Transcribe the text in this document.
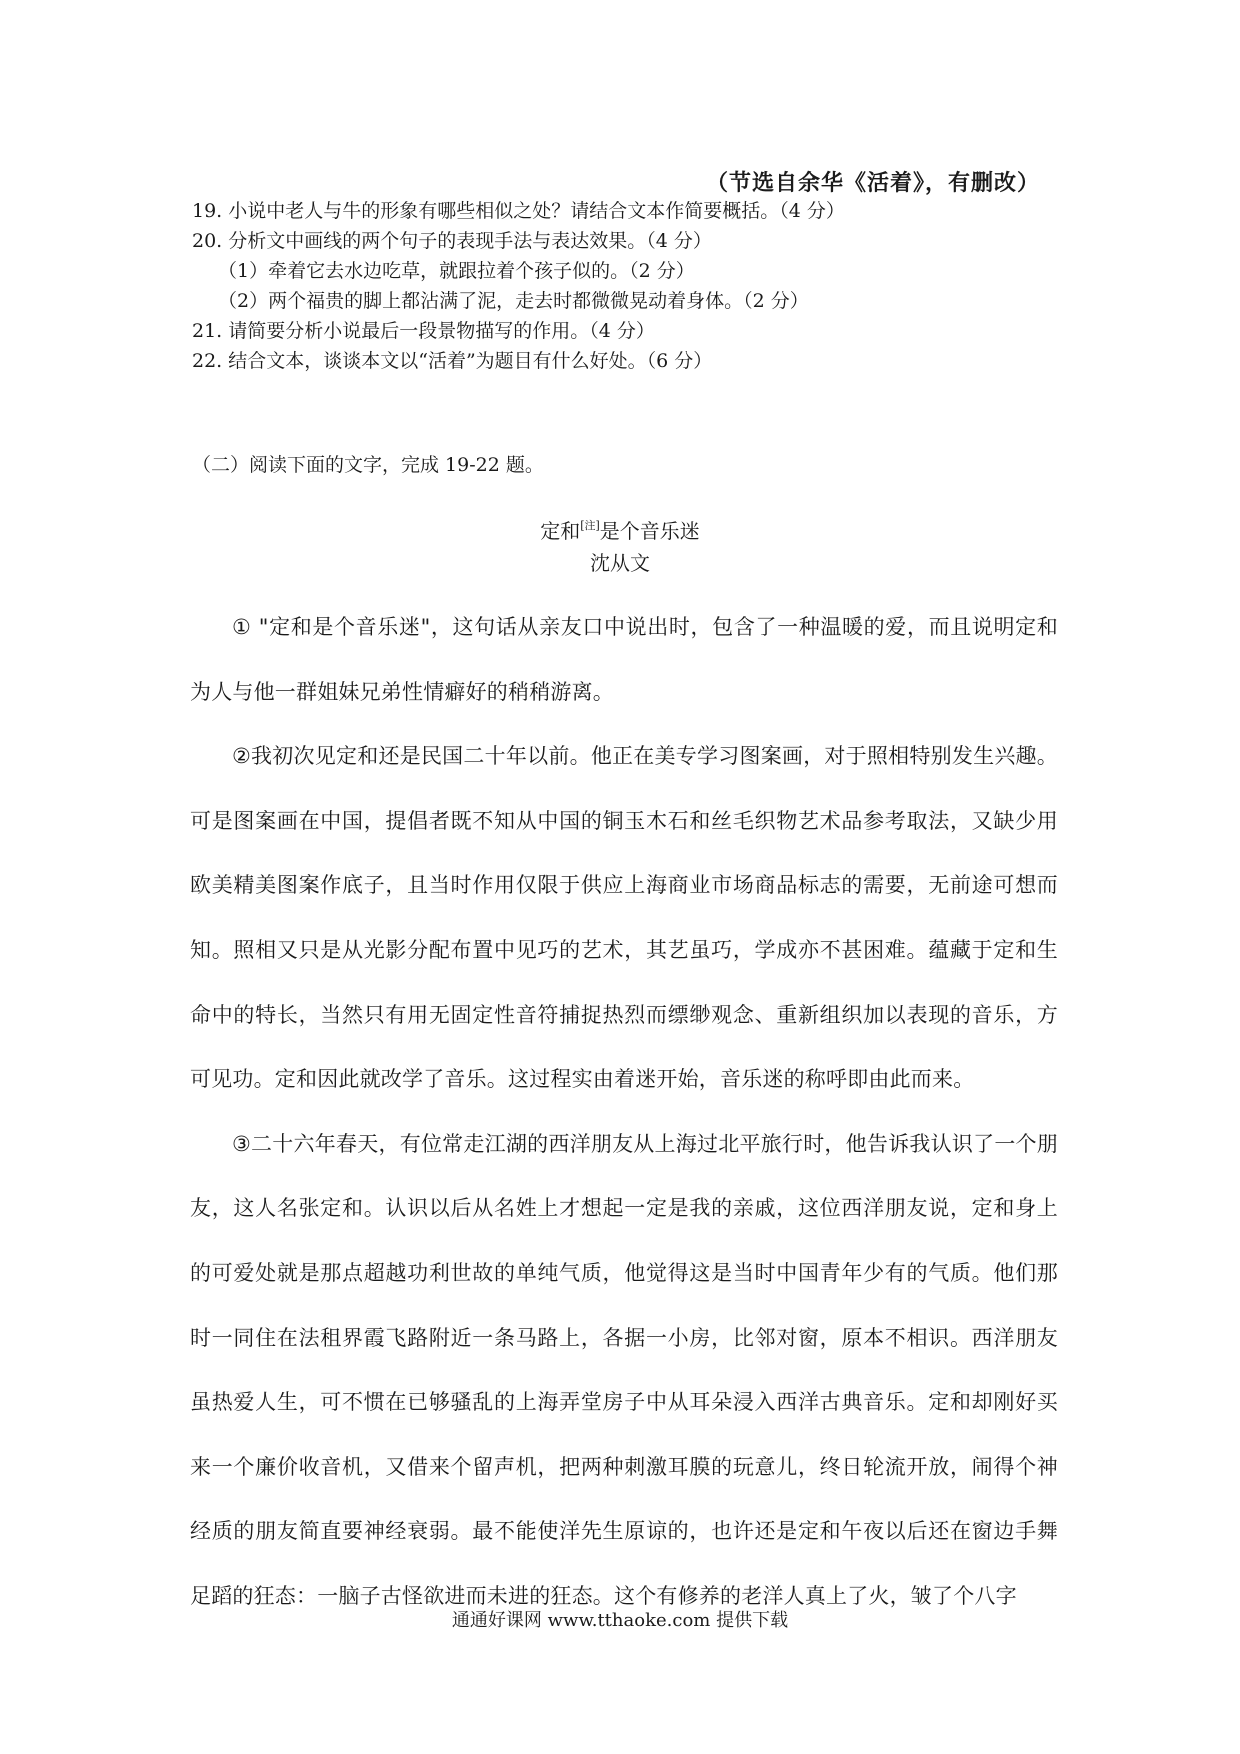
（节选自余华《活着》，有删改）
19. 小说中老人与牛的形象有哪些相似之处？请结合文本作简要概括。（4 分）
20. 分析文中画线的两个句子的表现手法与表达效果。（4 分）
（1）牵着它去水边吃草，就跟拉着个孩子似的。（2 分）
（2）两个福贵的脚上都沾满了泥，走去时都微微晃动着身体。（2 分）
21. 请简要分析小说最后一段景物描写的作用。（4 分）
22. 结合文本，谈谈本文以“活着”为题目有什么好处。（6 分）
（二）阅读下面的文字，完成 19-22 题。
定和[注]是个音乐迷
沈从文

① "定和是个音乐迷"，这句话从亲友口中说出时，包含了一种温暖的爱，而且说明定和为人与他一群姐妹兄弟性情癖好的稍稍游离。

②我初次见定和还是民国二十年以前。他正在美专学习图案画，对于照相特别发生兴趣。可是图案画在中国，提倡者既不知从中国的铜玉木石和丝毛织物艺术品参考取法，又缺少用欧美精美图案作底子，且当时作用仅限于供应上海商业市场商品标志的需要，无前途可想而知。照相又只是从光影分配布置中见巧的艺术，其艺虽巧，学成亦不甚困难。蕴藏于定和生命中的特长，当然只有用无固定性音符捕捉热烈而缥缈观念、重新组织加以表现的音乐，方可见功。定和因此就改学了音乐。这过程实由着迷开始，音乐迷的称呼即由此而来。

③二十六年春天，有位常走江湖的西洋朋友从上海过北平旅行时，他告诉我认识了一个朋友，这人名张定和。认识以后从名姓上才想起一定是我的亲戚，这位西洋朋友说，定和身上的可爱处就是那点超越功利世故的单纯气质，他觉得这是当时中国青年少有的气质。他们那时一同住在法租界霞飞路附近一条马路上，各据一小房，比邻对窗，原本不相识。西洋朋友虽热爱人生，可不惯在已够骚乱的上海弄堂房子中从耳朵浸入西洋古典音乐。定和却刚好买来一个廉价收音机，又借来个留声机，把两种刺激耳膜的玩意儿，终日轮流开放，闹得个神经质的朋友简直要神经衰弱。最不能使洋先生原谅的，也许还是定和午夜以后还在窗边手舞足蹈的狂态：一脑子古怪欲进而未进的狂态。这个有修养的老洋人真上了火，皱了个八字

通通好课网 www.tthaoke.com 提供下载
